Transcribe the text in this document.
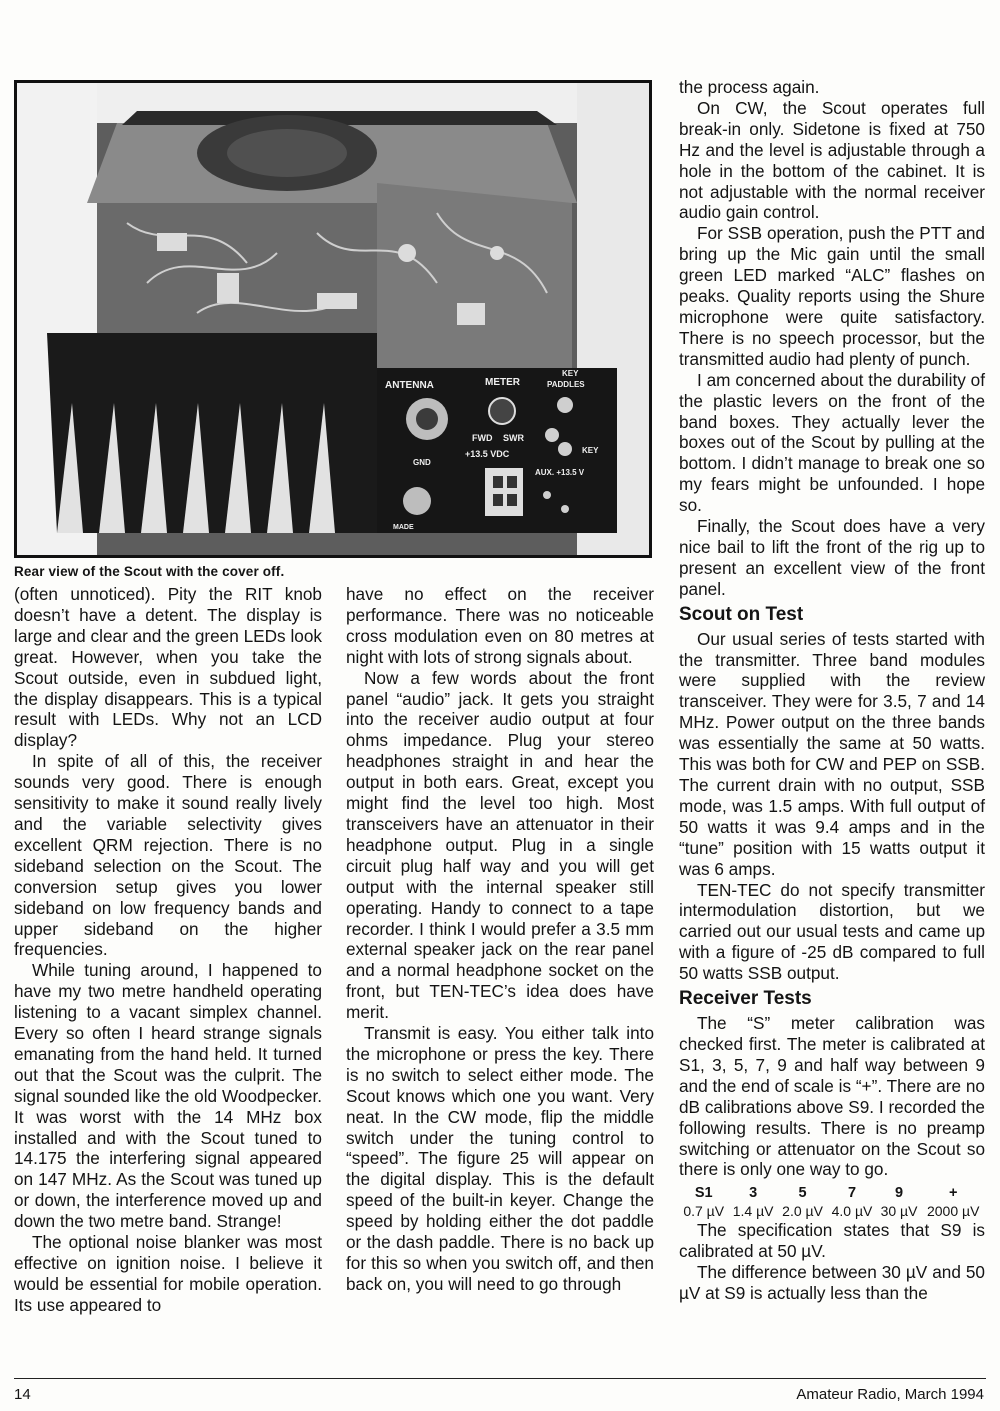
ANTENNA	METER
KEY
PADDLES
FWD SWR
KEY
+13.5 VDC
AUX. +13.5 V
GND
MADE
Rear view of the Scout with the cover off.

(often unnoticed). Pity the RIT knob doesn’t have a detent. The display is large and clear and the green LEDs look great. However, when you take the Scout outside, even in subdued light, the display disappears. This is a typical result with LEDs. Why not an LCD display?

In spite of all of this, the receiver sounds very good. There is enough sensitivity to make it sound really lively and the variable selectivity gives excellent QRM rejection. There is no sideband selection on the Scout. The conversion setup gives you lower sideband on low frequency bands and upper sideband on the higher frequencies.

While tuning around, I happened to have my two metre handheld operating listening to a vacant simplex channel. Every so often I heard strange signals emanating from the hand held. It turned out that the Scout was the culprit. The signal sounded like the old Woodpecker. It was worst with the 14 MHz box installed and with the Scout tuned to 14.175 the interfering signal appeared on 147 MHz. As the Scout was tuned up or down, the interference moved up and down the two metre band. Strange!

The optional noise blanker was most effective on ignition noise. I believe it would be essential for mobile operation. Its use appeared to

have no effect on the receiver performance. There was no noticeable cross modulation even on 80 metres at night with lots of strong signals about.

Now a few words about the front panel “audio” jack. It gets you straight into the receiver audio output at four ohms impedance. Plug your stereo headphones straight in and hear the output in both ears. Great, except you might find the level too high. Most transceivers have an attenuator in their headphone output. Plug in a single circuit plug half way and you will get output with the internal speaker still operating. Handy to connect to a tape recorder. I think I would prefer a 3.5 mm external speaker jack on the rear panel and a normal headphone socket on the front, but TEN-TEC’s idea does have merit.

Transmit is easy. You either talk into the microphone or press the key. There is no switch to select either mode. The Scout knows which one you want. Very neat. In the CW mode, flip the middle switch under the tuning control to “speed”. The figure 25 will appear on the digital display. This is the default speed of the built-in keyer. Change the speed by holding either the dot paddle or the dash paddle. There is no back up for this so when you switch off, and then back on, you will need to go through

the process again.

On CW, the Scout operates full break-in only. Sidetone is fixed at 750 Hz and the level is adjustable through a hole in the bottom of the cabinet. It is not adjustable with the normal receiver audio gain control.

For SSB operation, push the PTT and bring up the Mic gain until the small green LED marked “ALC” flashes on peaks. Quality reports using the Shure microphone were quite satisfactory. There is no speech processor, but the transmitted audio had plenty of punch.

I am concerned about the durability of the plastic levers on the front of the band boxes. They actually lever the boxes out of the Scout by pulling at the bottom. I didn’t manage to break one so my fears might be unfounded. I hope so.

Finally, the Scout does have a very nice bail to lift the front of the rig up to present an excellent view of the front panel.

Scout on Test

Our usual series of tests started with the transmitter. Three band modules were supplied with the review transceiver. They were for 3.5, 7 and 14 MHz. Power output on the three bands was essentially the same at 50 watts. This was both for CW and PEP on SSB. The current drain with no output, SSB mode, was 1.5 amps. With full output of 50 watts it was 9.4 amps and in the “tune” position with 15 watts output it was 6 amps.

TEN-TEC do not specify transmitter intermodulation distortion, but we carried out our usual tests and came up with a figure of -25 dB compared to full 50 watts SSB output.

Receiver Tests

The “S” meter calibration was checked first. The meter is calibrated at S1, 3, 5, 7, 9 and half way between 9 and the end of scale is “+”. There are no dB calibrations above S9. I recorded the following results. There is no preamp switching or attenuator on the Scout so there is only one way to go.

S1	3	5	7	9	+
0.7 µV	1.4 µV	2.0 µV	4.0 µV	30 µV	2000 µV

The specification states that S9 is calibrated at 50 µV.

The difference between 30 µV and 50 µV at S9 is actually less than the

14	Amateur Radio, March 1994
